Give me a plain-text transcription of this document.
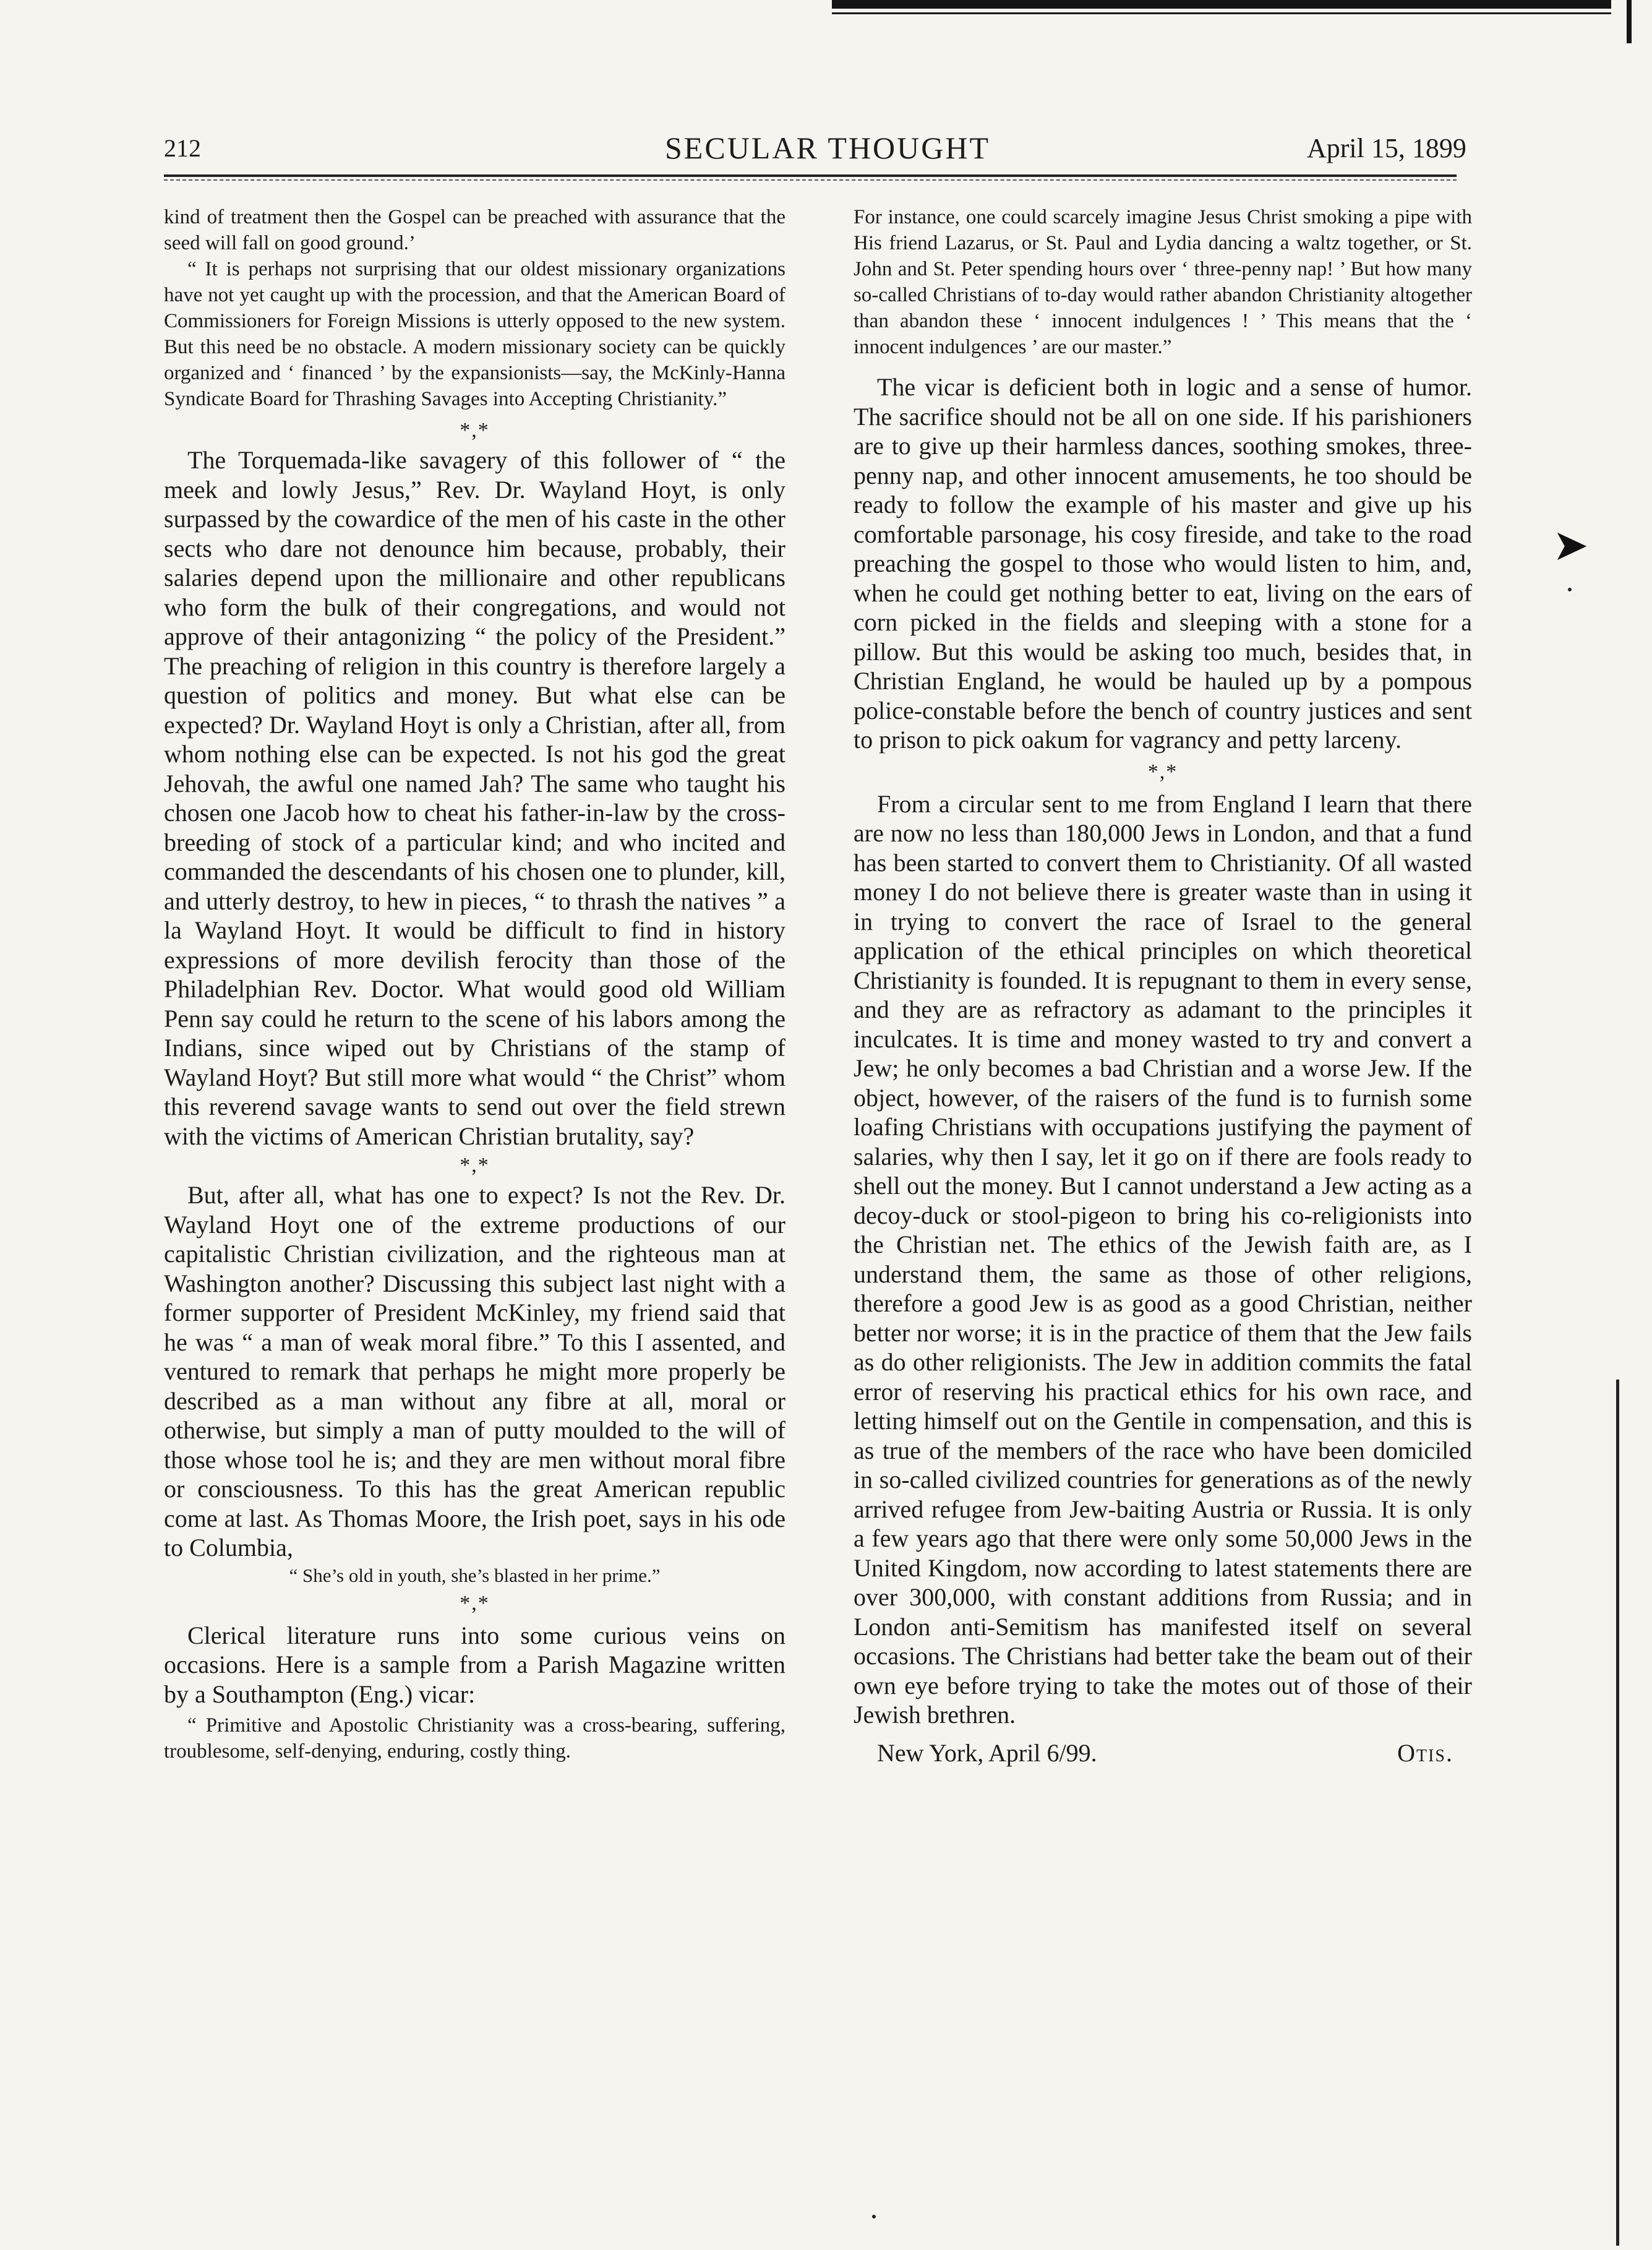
212	SECULAR THOUGHT	April 15, 1899

kind of treatment then the Gospel can be preached with assurance that the seed will fall on good ground.’

“ It is perhaps not surprising that our oldest missionary organizations have not yet caught up with the procession, and that the American Board of Commissioners for Foreign Missions is utterly opposed to the new system. But this need be no obstacle. A modern missionary society can be quickly organized and ‘ financed ’ by the expansionists—say, the McKinly-Hanna Syndicate Board for Thrashing Savages into Accepting Christianity.”

*,*

The Torquemada-like savagery of this follower of “ the meek and lowly Jesus,” Rev. Dr. Wayland Hoyt, is only surpassed by the cowardice of the men of his caste in the other sects who dare not denounce him because, probably, their salaries depend upon the millionaire and other republicans who form the bulk of their congregations, and would not approve of their antagonizing “ the policy of the President.” The preaching of religion in this country is therefore largely a question of politics and money. But what else can be expected? Dr. Wayland Hoyt is only a Christian, after all, from whom nothing else can be expected. Is not his god the great Jehovah, the awful one named Jah? The same who taught his chosen one Jacob how to cheat his father-in-law by the cross-breeding of stock of a particular kind; and who incited and commanded the descendants of his chosen one to plunder, kill, and utterly destroy, to hew in pieces, “ to thrash the natives ” a la Wayland Hoyt. It would be difficult to find in history expressions of more devilish ferocity than those of the Philadelphian Rev. Doctor. What would good old William Penn say could he return to the scene of his labors among the Indians, since wiped out by Christians of the stamp of Wayland Hoyt? But still more what would “ the Christ” whom this reverend savage wants to send out over the field strewn with the victims of American Christian brutality, say?

*,*

But, after all, what has one to expect? Is not the Rev. Dr. Wayland Hoyt one of the extreme productions of our capitalistic Christian civilization, and the righteous man at Washington another? Discussing this subject last night with a former supporter of President McKinley, my friend said that he was “ a man of weak moral fibre.” To this I assented, and ventured to remark that perhaps he might more properly be described as a man without any fibre at all, moral or otherwise, but simply a man of putty moulded to the will of those whose tool he is; and they are men without moral fibre or consciousness. To this has the great American republic come at last. As Thomas Moore, the Irish poet, says in his ode to Columbia,

“ She’s old in youth, she’s blasted in her prime.”
*,*

Clerical literature runs into some curious veins on occasions. Here is a sample from a Parish Magazine written by a Southampton (Eng.) vicar:

“ Primitive and Apostolic Christianity was a cross-bearing, suffering, troublesome, self-denying, enduring, costly thing.

For instance, one could scarcely imagine Jesus Christ smoking a pipe with His friend Lazarus, or St. Paul and Lydia dancing a waltz together, or St. John and St. Peter spending hours over ‘ three-penny nap! ’ But how many so-called Christians of to-day would rather abandon Christianity altogether than abandon these ‘ innocent indulgences ! ’ This means that the ‘ innocent indulgences ’ are our master.”

The vicar is deficient both in logic and a sense of humor. The sacrifice should not be all on one side. If his parishioners are to give up their harmless dances, soothing smokes, three-penny nap, and other innocent amusements, he too should be ready to follow the example of his master and give up his comfortable parsonage, his cosy fireside, and take to the road preaching the gospel to those who would listen to him, and, when he could get nothing better to eat, living on the ears of corn picked in the fields and sleeping with a stone for a pillow. But this would be asking too much, besides that, in Christian England, he would be hauled up by a pompous police-constable before the bench of country justices and sent to prison to pick oakum for vagrancy and petty larceny.

*,*

From a circular sent to me from England I learn that there are now no less than 180,000 Jews in London, and that a fund has been started to convert them to Christianity. Of all wasted money I do not believe there is greater waste than in using it in trying to convert the race of Israel to the general application of the ethical principles on which theoretical Christianity is founded. It is repugnant to them in every sense, and they are as refractory as adamant to the principles it inculcates. It is time and money wasted to try and convert a Jew; he only becomes a bad Christian and a worse Jew. If the object, however, of the raisers of the fund is to furnish some loafing Christians with occupations justifying the payment of salaries, why then I say, let it go on if there are fools ready to shell out the money. But I cannot understand a Jew acting as a decoy-duck or stool-pigeon to bring his co-religionists into the Christian net. The ethics of the Jewish faith are, as I understand them, the same as those of other religions, therefore a good Jew is as good as a good Christian, neither better nor worse; it is in the practice of them that the Jew fails as do other religionists. The Jew in addition commits the fatal error of reserving his practical ethics for his own race, and letting himself out on the Gentile in compensation, and this is as true of the members of the race who have been domiciled in so-called civilized countries for generations as of the newly arrived refugee from Jew-baiting Austria or Russia. It is only a few years ago that there were only some 50,000 Jews in the United Kingdom, now according to latest statements there are over 300,000, with constant additions from Russia; and in London anti-Semitism has manifested itself on several occasions. The Christians had better take the beam out of their own eye before trying to take the motes out of those of their Jewish brethren.

New York, April 6/99.	Otis.
➤
